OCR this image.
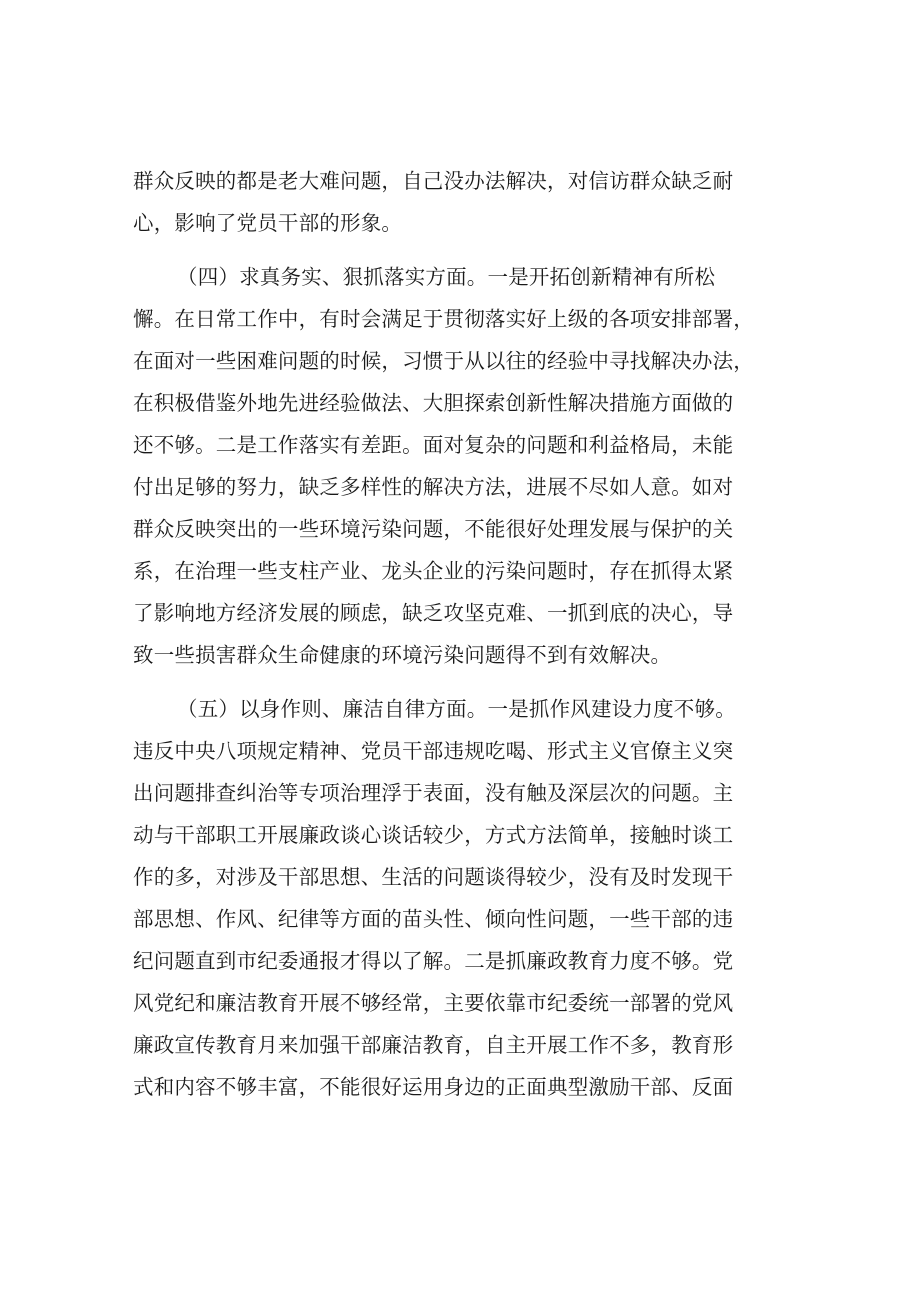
群众反映的都是老大难问题，自己没办法解决，对信访群众缺乏耐
心，影响了党员干部的形象。
（四）求真务实、狠抓落实方面。一是开拓创新精神有所松
懈。在日常工作中，有时会满足于贯彻落实好上级的各项安排部署，
在面对一些困难问题的时候，习惯于从以往的经验中寻找解决办法，
在积极借鉴外地先进经验做法、大胆探索创新性解决措施方面做的
还不够。二是工作落实有差距。面对复杂的问题和利益格局，未能
付出足够的努力，缺乏多样性的解决方法，进展不尽如人意。如对
群众反映突出的一些环境污染问题，不能很好处理发展与保护的关
系，在治理一些支柱产业、龙头企业的污染问题时，存在抓得太紧
了影响地方经济发展的顾虑，缺乏攻坚克难、一抓到底的决心，导
致一些损害群众生命健康的环境污染问题得不到有效解决。
（五）以身作则、廉洁自律方面。一是抓作风建设力度不够。
违反中央八项规定精神、党员干部违规吃喝、形式主义官僚主义突
出问题排查纠治等专项治理浮于表面，没有触及深层次的问题。主
动与干部职工开展廉政谈心谈话较少，方式方法简单，接触时谈工
作的多，对涉及干部思想、生活的问题谈得较少，没有及时发现干
部思想、作风、纪律等方面的苗头性、倾向性问题，一些干部的违
纪问题直到市纪委通报才得以了解。二是抓廉政教育力度不够。党
风党纪和廉洁教育开展不够经常，主要依靠市纪委统一部署的党风
廉政宣传教育月来加强干部廉洁教育，自主开展工作不多，教育形
式和内容不够丰富，不能很好运用身边的正面典型激励干部、反面
